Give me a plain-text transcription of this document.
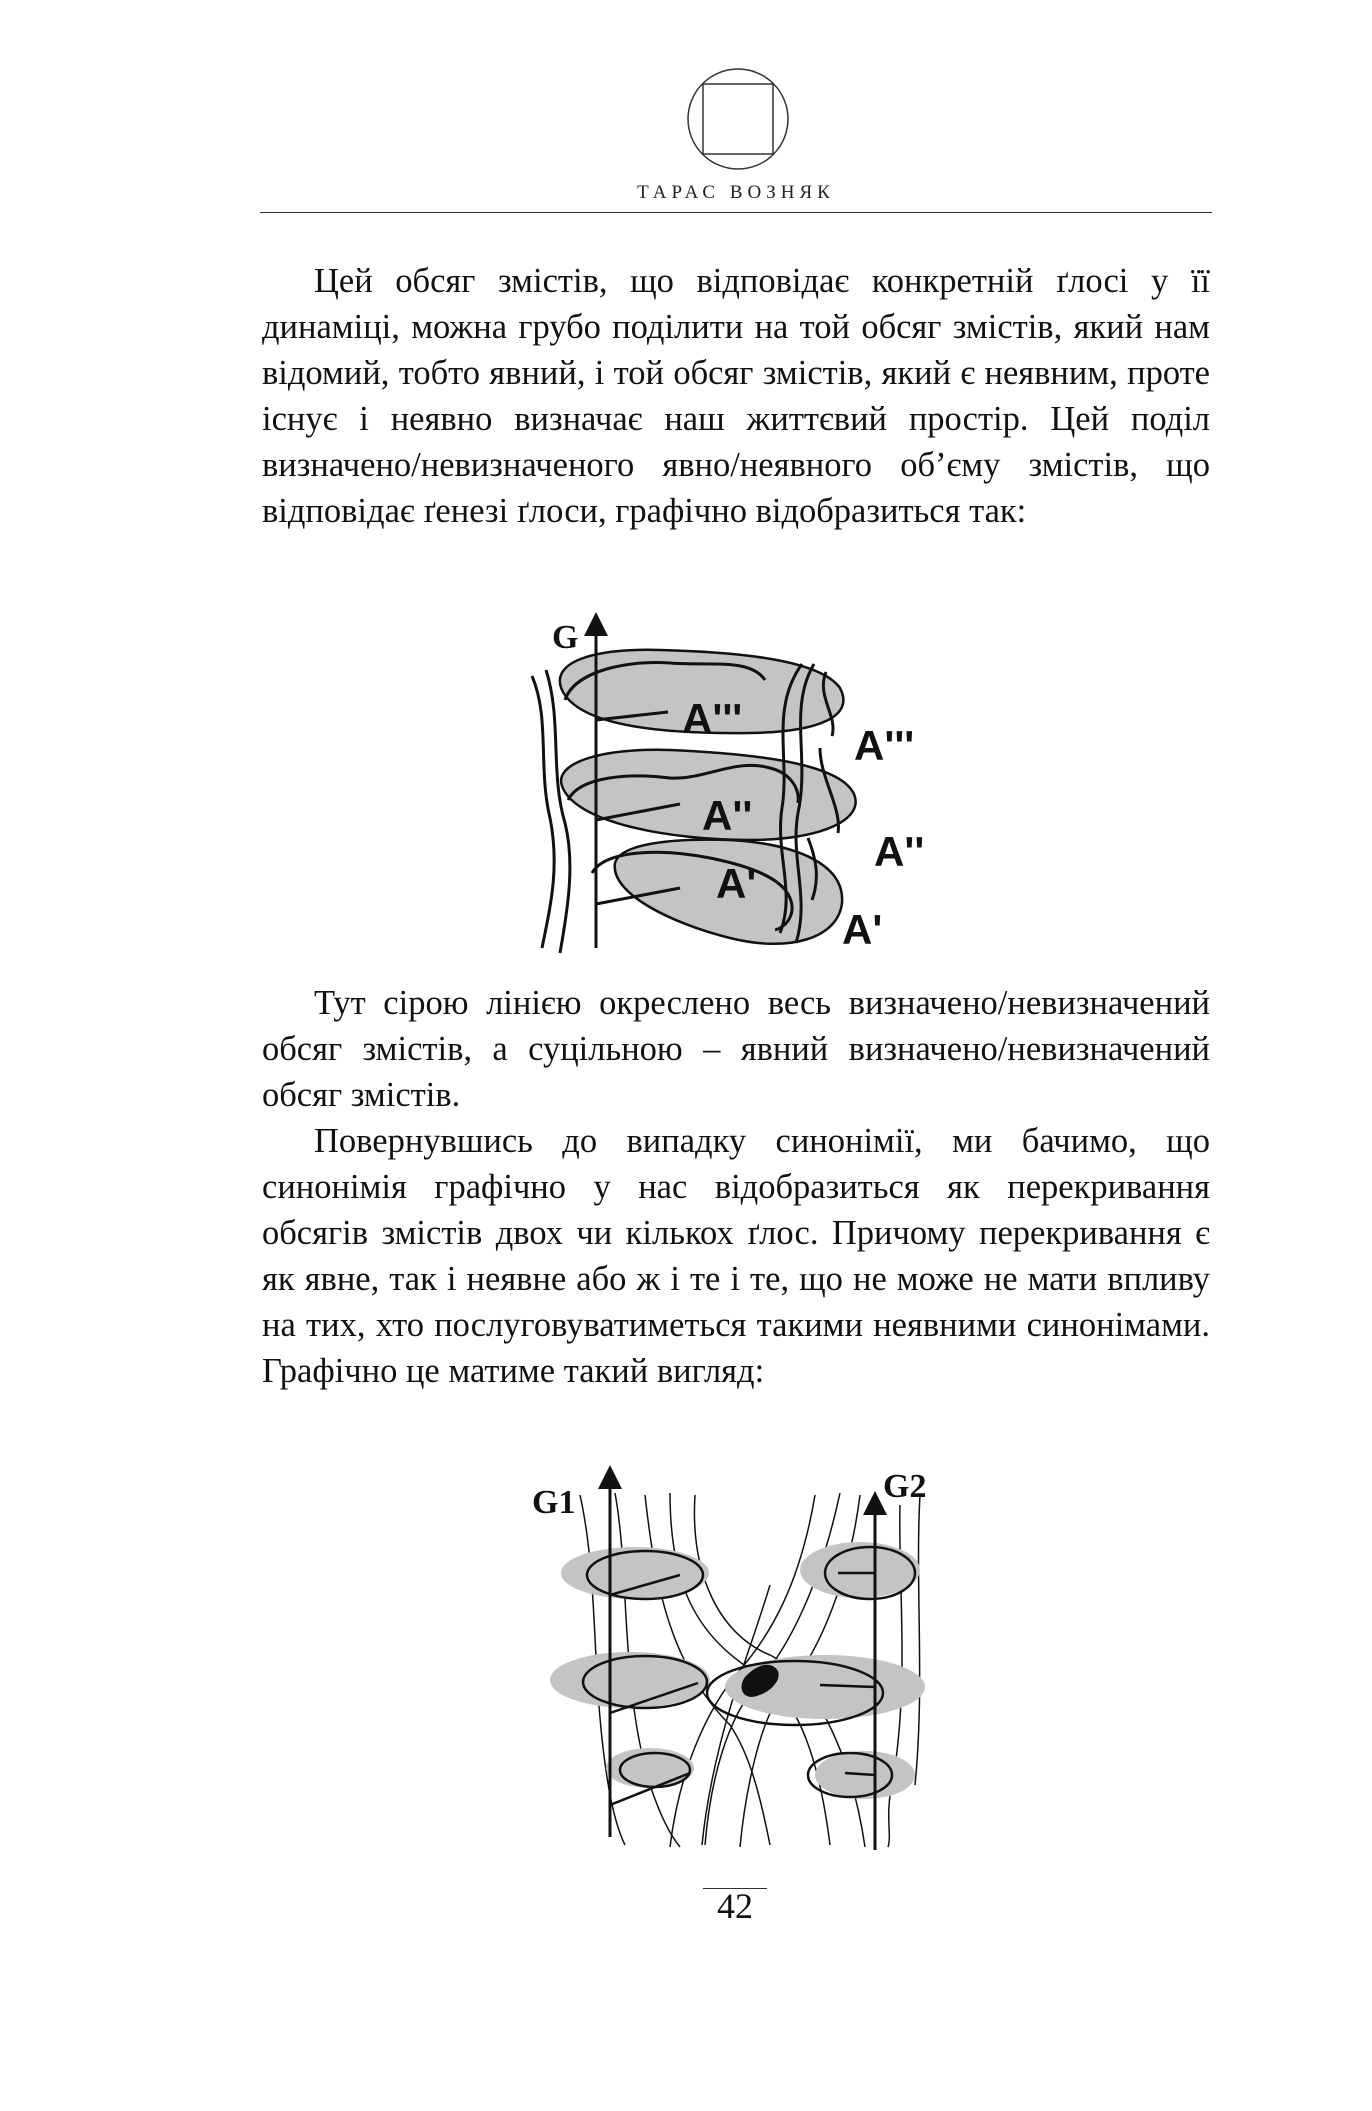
ТАРАС ВОЗНЯК

Цей обсяг змістів, що відповідає конкретній ґлосі у її динаміці, можна грубо поділити на той обсяг змістів, який нам відомий, тобто явний, і той обсяг змістів, який є неявним, проте існує і неявно визначає наш життєвий простір. Цей поділ визначено/невизначеного явно/неявного об’єму змістів, що відповідає ґенезі ґлоси, графічно відобразиться так:

G
A'''
A''
A'
A'''
A''
A'

Тут сірою лінією окреслено весь визначено/невизначений обсяг змістів, а суцільною – явний визначено/невизначений обсяг змістів.

Повернувшись до випадку синонімії, ми бачимо, що синонімія графічно у нас відобразиться як перекривання обсягів змістів двох чи кількох ґлос. Причому перекривання є як явне, так і неявне або ж і те і те, що не може не мати впливу на тих, хто послуговуватиметься такими неявними синонімами. Графічно це матиме такий вигляд:

G1	G2
42
